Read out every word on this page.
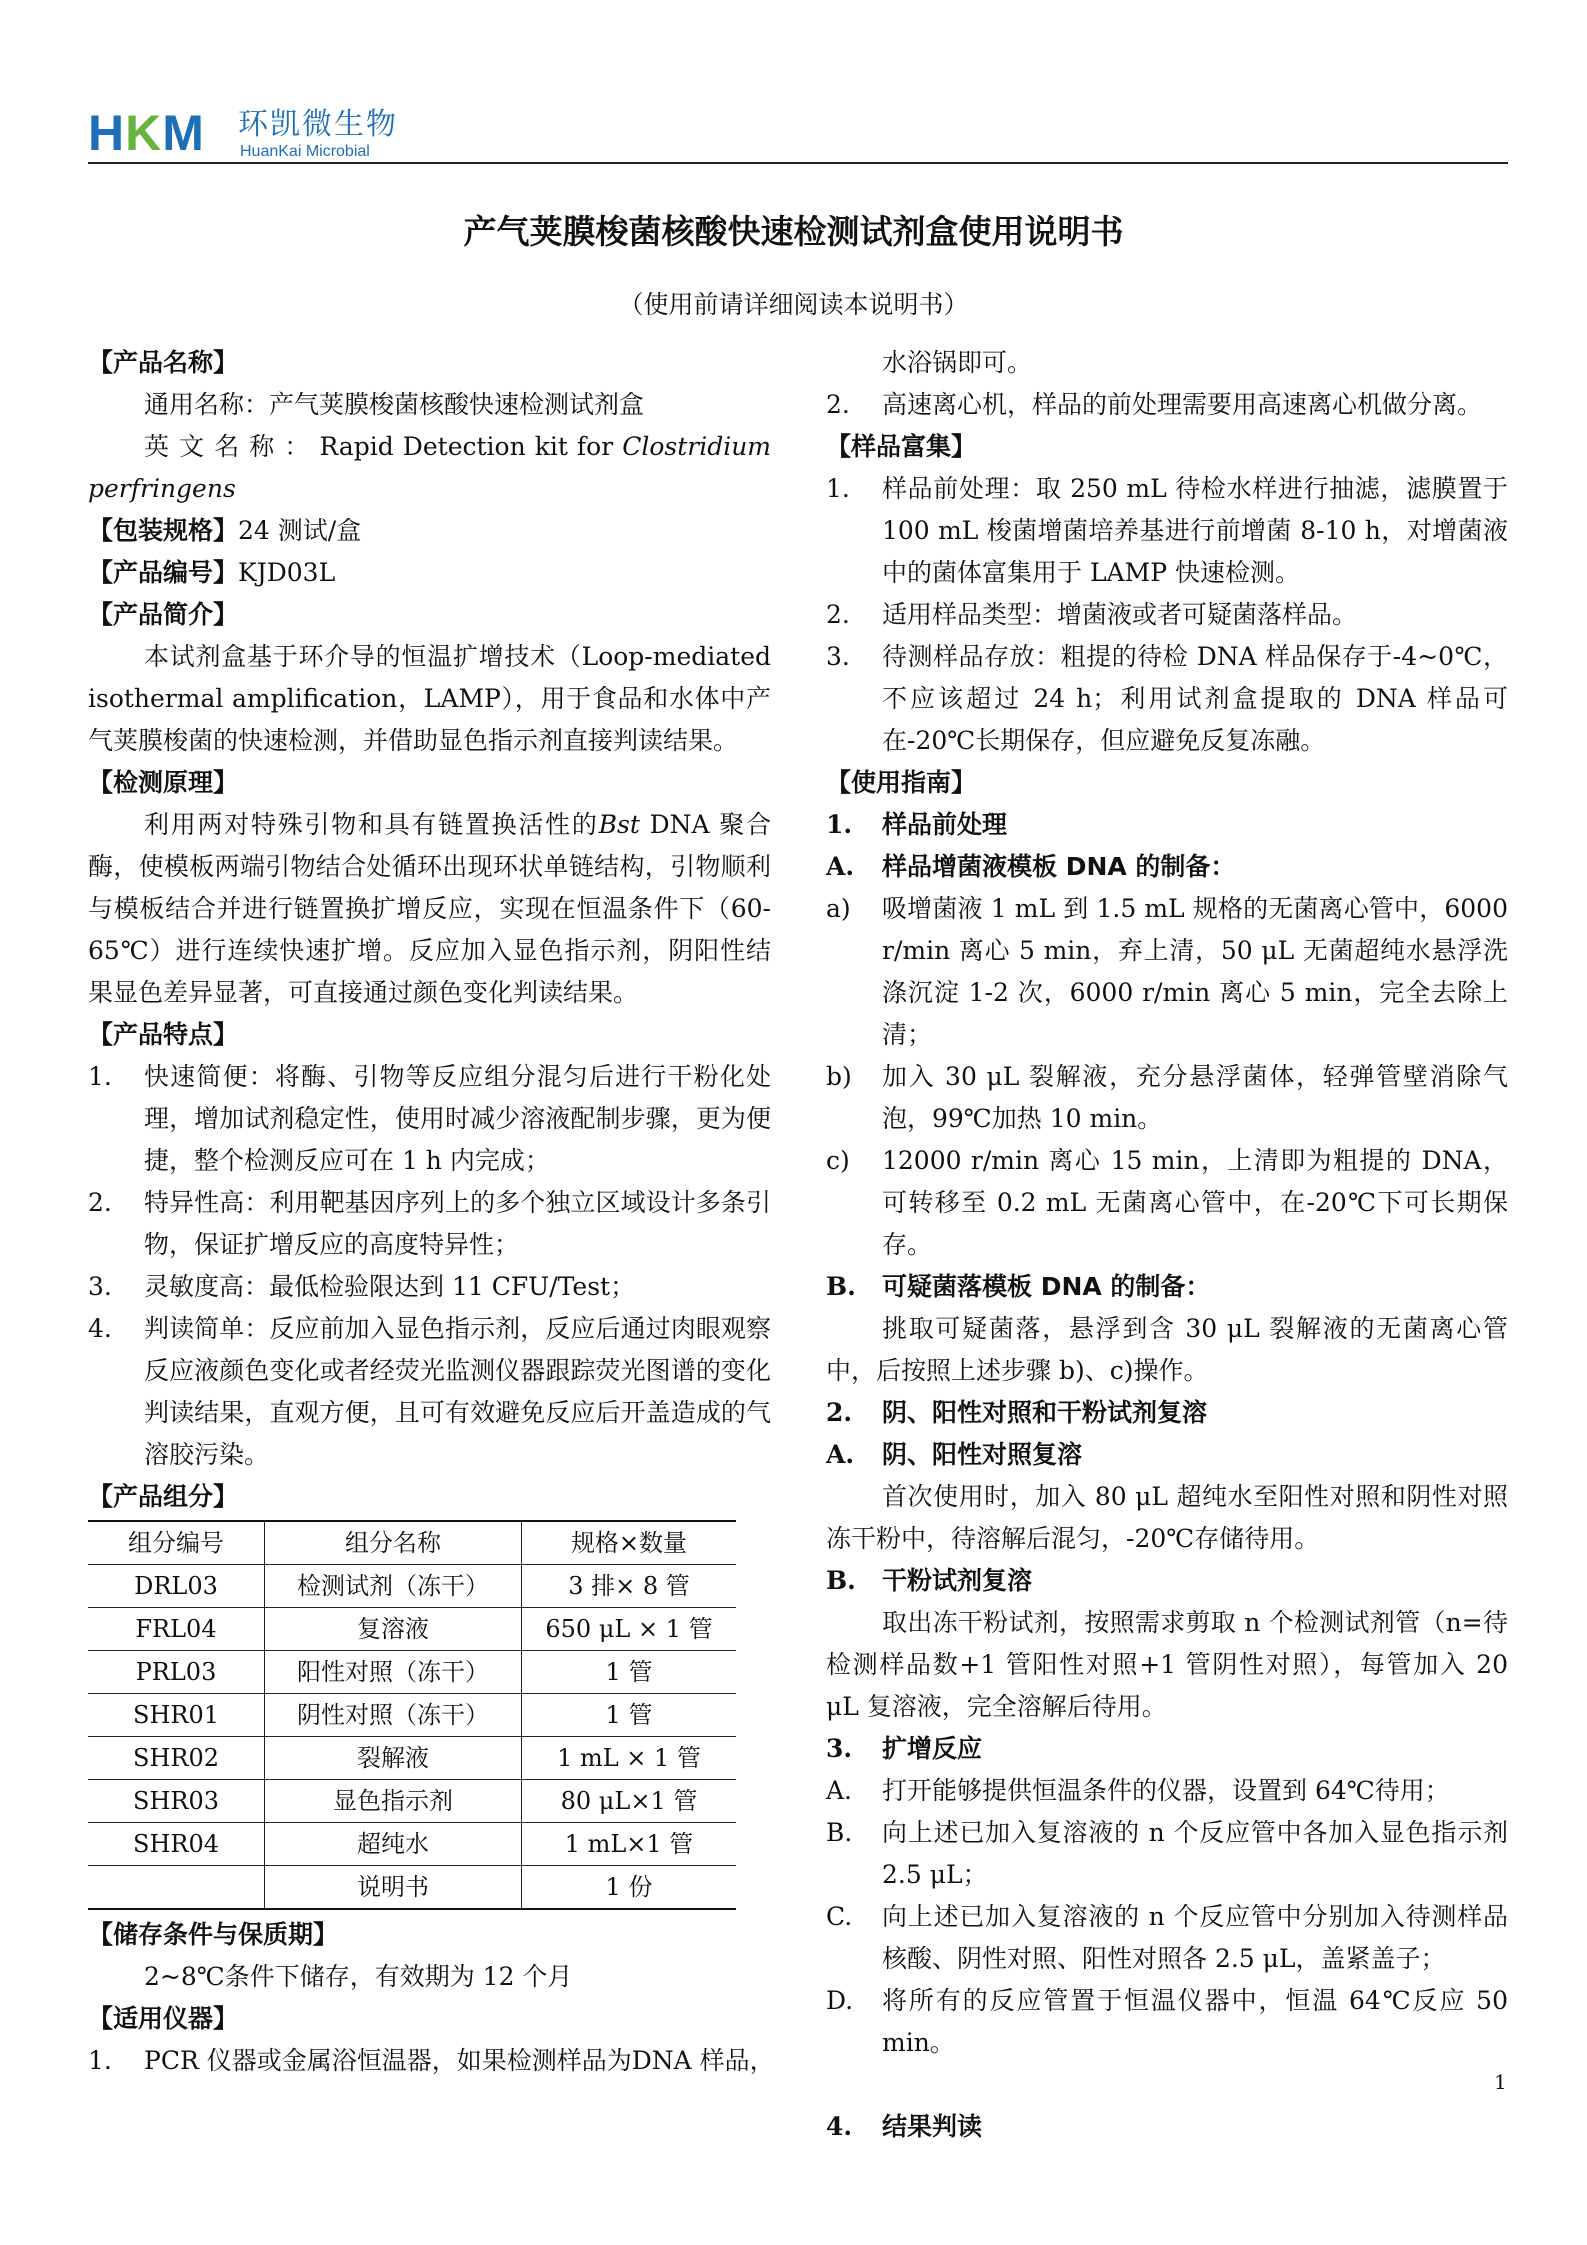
HKM 环凯微生物
HuanKai Microbial
产气荚膜梭菌核酸快速检测试剂盒使用说明书
（使用前请详细阅读本说明书）
【产品名称】

通用名称：产气荚膜梭菌核酸快速检测试剂盒

英 文 名 称 ： Rapid Detection kit for Clostridium perfringens

【包装规格】24 测试/盒
【产品编号】KJD03L
【产品简介】

本试剂盒基于环介导的恒温扩增技术（Loop-mediated isothermal amplification，LAMP），用于食品和水体中产气荚膜梭菌的快速检测，并借助显色指示剂直接判读结果。

【检测原理】

利用两对特殊引物和具有链置换活性的Bst DNA 聚合酶，使模板两端引物结合处循环出现环状单链结构，引物顺利与模板结合并进行链置换扩增反应，实现在恒温条件下（60-65℃）进行连续快速扩增。反应加入显色指示剂，阴阳性结果显色差异显著，可直接通过颜色变化判读结果。

【产品特点】
1.	快速简便：将酶、引物等反应组分混匀后进行干粉化处理，增加试剂稳定性，使用时减少溶液配制步骤，更为便捷，整个检测反应可在 1 h 内完成；
2.	特异性高：利用靶基因序列上的多个独立区域设计多条引物，保证扩增反应的高度特异性；
3.	灵敏度高：最低检验限达到 11 CFU/Test；
4.	判读简单：反应前加入显色指示剂，反应后通过肉眼观察反应液颜色变化或者经荧光监测仪器跟踪荧光图谱的变化判读结果，直观方便，且可有效避免反应后开盖造成的气溶胶污染。
【产品组分】
组分编号	组分名称	规格×数量
DRL03	检测试剂（冻干）	3 排× 8 管
FRL04	复溶液	650 μL × 1 管
PRL03	阳性对照（冻干）	1 管
SHR01	阴性对照（冻干）	1 管
SHR02	裂解液	1 mL × 1 管
SHR03	显色指示剂	80 μL×1 管
SHR04	超纯水	1 mL×1 管
	说明书	1 份
【储存条件与保质期】

2~8℃条件下储存，有效期为 12 个月

【适用仪器】
1.	PCR 仪器或金属浴恒温器，如果检测样品为DNA 样品，
水浴锅即可。
2.	高速离心机，样品的前处理需要用高速离心机做分离。
【样品富集】
1.	样品前处理：取 250 mL 待检水样进行抽滤，滤膜置于 100 mL 梭菌增菌培养基进行前增菌 8-10 h，对增菌液中的菌体富集用于 LAMP 快速检测。
2.	适用样品类型：增菌液或者可疑菌落样品。
3.	待测样品存放：粗提的待检 DNA 样品保存于-4~0℃，不应该超过 24 h；利用试剂盒提取的 DNA 样品可在-20℃长期保存，但应避免反复冻融。
【使用指南】
1.	样品前处理
A.	样品增菌液模板 DNA 的制备：
a)	吸增菌液 1 mL 到 1.5 mL 规格的无菌离心管中，6000 r/min 离心 5 min，弃上清，50 μL 无菌超纯水悬浮洗涤沉淀 1-2 次，6000 r/min 离心 5 min，完全去除上清；
b)	加入 30 μL 裂解液，充分悬浮菌体，轻弹管壁消除气泡，99℃加热 10 min。
c)	12000 r/min 离心 15 min，上清即为粗提的 DNA，可转移至 0.2 mL 无菌离心管中，在-20℃下可长期保存。
B.	可疑菌落模板 DNA 的制备：

挑取可疑菌落，悬浮到含 30 μL 裂解液的无菌离心管中，后按照上述步骤 b)、c)操作。

2.	阴、阳性对照和干粉试剂复溶
A.	阴、阳性对照复溶

首次使用时，加入 80 μL 超纯水至阳性对照和阴性对照冻干粉中，待溶解后混匀，-20℃存储待用。

B.	干粉试剂复溶

取出冻干粉试剂，按照需求剪取 n 个检测试剂管（n=待检测样品数+1 管阳性对照+1 管阴性对照），每管加入 20 μL 复溶液，完全溶解后待用。

3.	扩增反应
A.	打开能够提供恒温条件的仪器，设置到 64℃待用；
B.	向上述已加入复溶液的 n 个反应管中各加入显色指示剂 2.5 μL；
C.	向上述已加入复溶液的 n 个反应管中分别加入待测样品核酸、阴性对照、阳性对照各 2.5 μL，盖紧盖子；
D.	将所有的反应管置于恒温仪器中，恒温 64℃反应 50 min。
4.	结果判读
1
